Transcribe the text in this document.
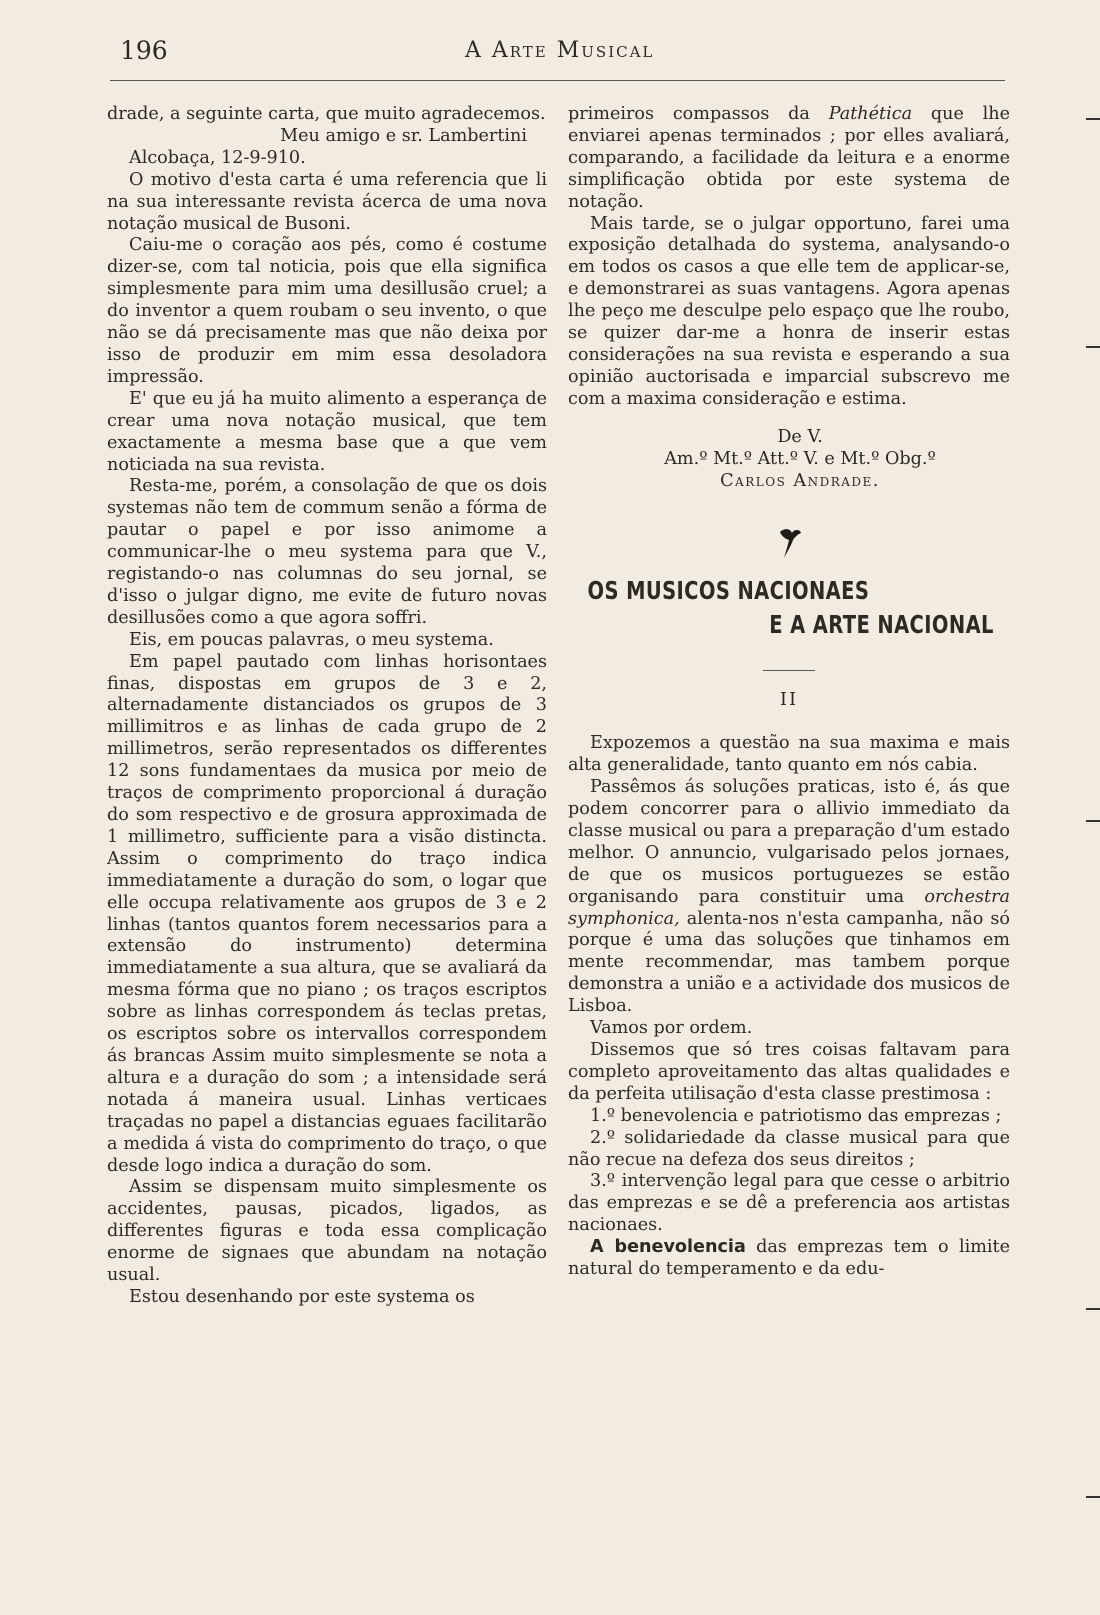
196	A Arte Musical

drade, a seguinte carta, que muito agradecemos.

Meu amigo e sr. Lambertini

Alcobaça, 12-9-910.

O motivo d'esta carta é uma referencia que li na sua interessante revista ácerca de uma nova notação musical de Busoni.

Caiu-me o coração aos pés, como é costume dizer-se, com tal noticia, pois que ella significa simplesmente para mim uma desillusão cruel; a do inventor a quem roubam o seu invento, o que não se dá precisamente mas que não deixa por isso de produzir em mim essa desoladora impressão.

E' que eu já ha muito alimento a esperança de crear uma nova notação musical, que tem exactamente a mesma base que a que vem noticiada na sua revista.

Resta-me, porém, a consolação de que os dois systemas não tem de commum senão a fórma de pautar o papel e por isso animome a communicar-lhe o meu systema para que V., registando-o nas columnas do seu jornal, se d'isso o julgar digno, me evite de futuro novas desillusões como a que agora soffri.

Eis, em poucas palavras, o meu systema.

Em papel pautado com linhas horisontaes finas, dispostas em grupos de 3 e 2, alternadamente distanciados os grupos de 3 millimitros e as linhas de cada grupo de 2 millimetros, serão representados os differentes 12 sons fundamentaes da musica por meio de traços de comprimento proporcional á duração do som respectivo e de grosura approximada de 1 millimetro, sufficiente para a visão distincta. Assim o comprimento do traço indica immediatamente a duração do som, o logar que elle occupa relativamente aos grupos de 3 e 2 linhas (tantos quantos forem necessarios para a extensão do instrumento) determina immediatamente a sua altura, que se avaliará da mesma fórma que no piano ; os traços escriptos sobre as linhas correspondem ás teclas pretas, os escriptos sobre os intervallos correspondem ás brancas Assim muito simplesmente se nota a altura e a duração do som ; a intensidade será notada á maneira usual. Linhas verticaes traçadas no papel a distancias eguaes facilitarão a medida á vista do comprimento do traço, o que desde logo indica a duração do som.

Assim se dispensam muito simplesmente os accidentes, pausas, picados, ligados, as differentes figuras e toda essa complicação enorme de signaes que abundam na notação usual.

Estou desenhando por este systema os

primeiros compassos da Pathética que lhe enviarei apenas terminados ; por elles avaliará, comparando, a facilidade da leitura e a enorme simplificação obtida por este systema de notação.

Mais tarde, se o julgar opportuno, farei uma exposição detalhada do systema, analysando-o em todos os casos a que elle tem de applicar-se, e demonstrarei as suas vantagens. Agora apenas lhe peço me desculpe pelo espaço que lhe roubo, se quizer dar-me a honra de inserir estas considerações na sua revista e esperando a sua opinião auctorisada e imparcial subscrevo me com a maxima consideração e estima.

De V.

Am.º Mt.º Att.º V. e Mt.º Obg.º

Carlos Andrade.

OS MUSICOS NACIONAES
E A ARTE NACIONAL
II

Expozemos a questão na sua maxima e mais alta generalidade, tanto quanto em nós cabia.

Passêmos ás soluções praticas, isto é, ás que podem concorrer para o allivio immediato da classe musical ou para a preparação d'um estado melhor. O annuncio, vulgarisado pelos jornaes, de que os musicos portuguezes se estão organisando para constituir uma orchestra symphonica, alenta-nos n'esta campanha, não só porque é uma das soluções que tinhamos em mente recommendar, mas tambem porque demonstra a união e a actividade dos musicos de Lisboa.

Vamos por ordem.

Dissemos que só tres coisas faltavam para completo aproveitamento das altas qualidades e da perfeita utilisação d'esta classe prestimosa :

1.º benevolencia e patriotismo das emprezas ;

2.º solidariedade da classe musical para que não recue na defeza dos seus direitos ;

3.º intervenção legal para que cesse o arbitrio das emprezas e se dê a preferencia aos artistas nacionaes.

A benevolencia das emprezas tem o limite natural do temperamento e da edu-
